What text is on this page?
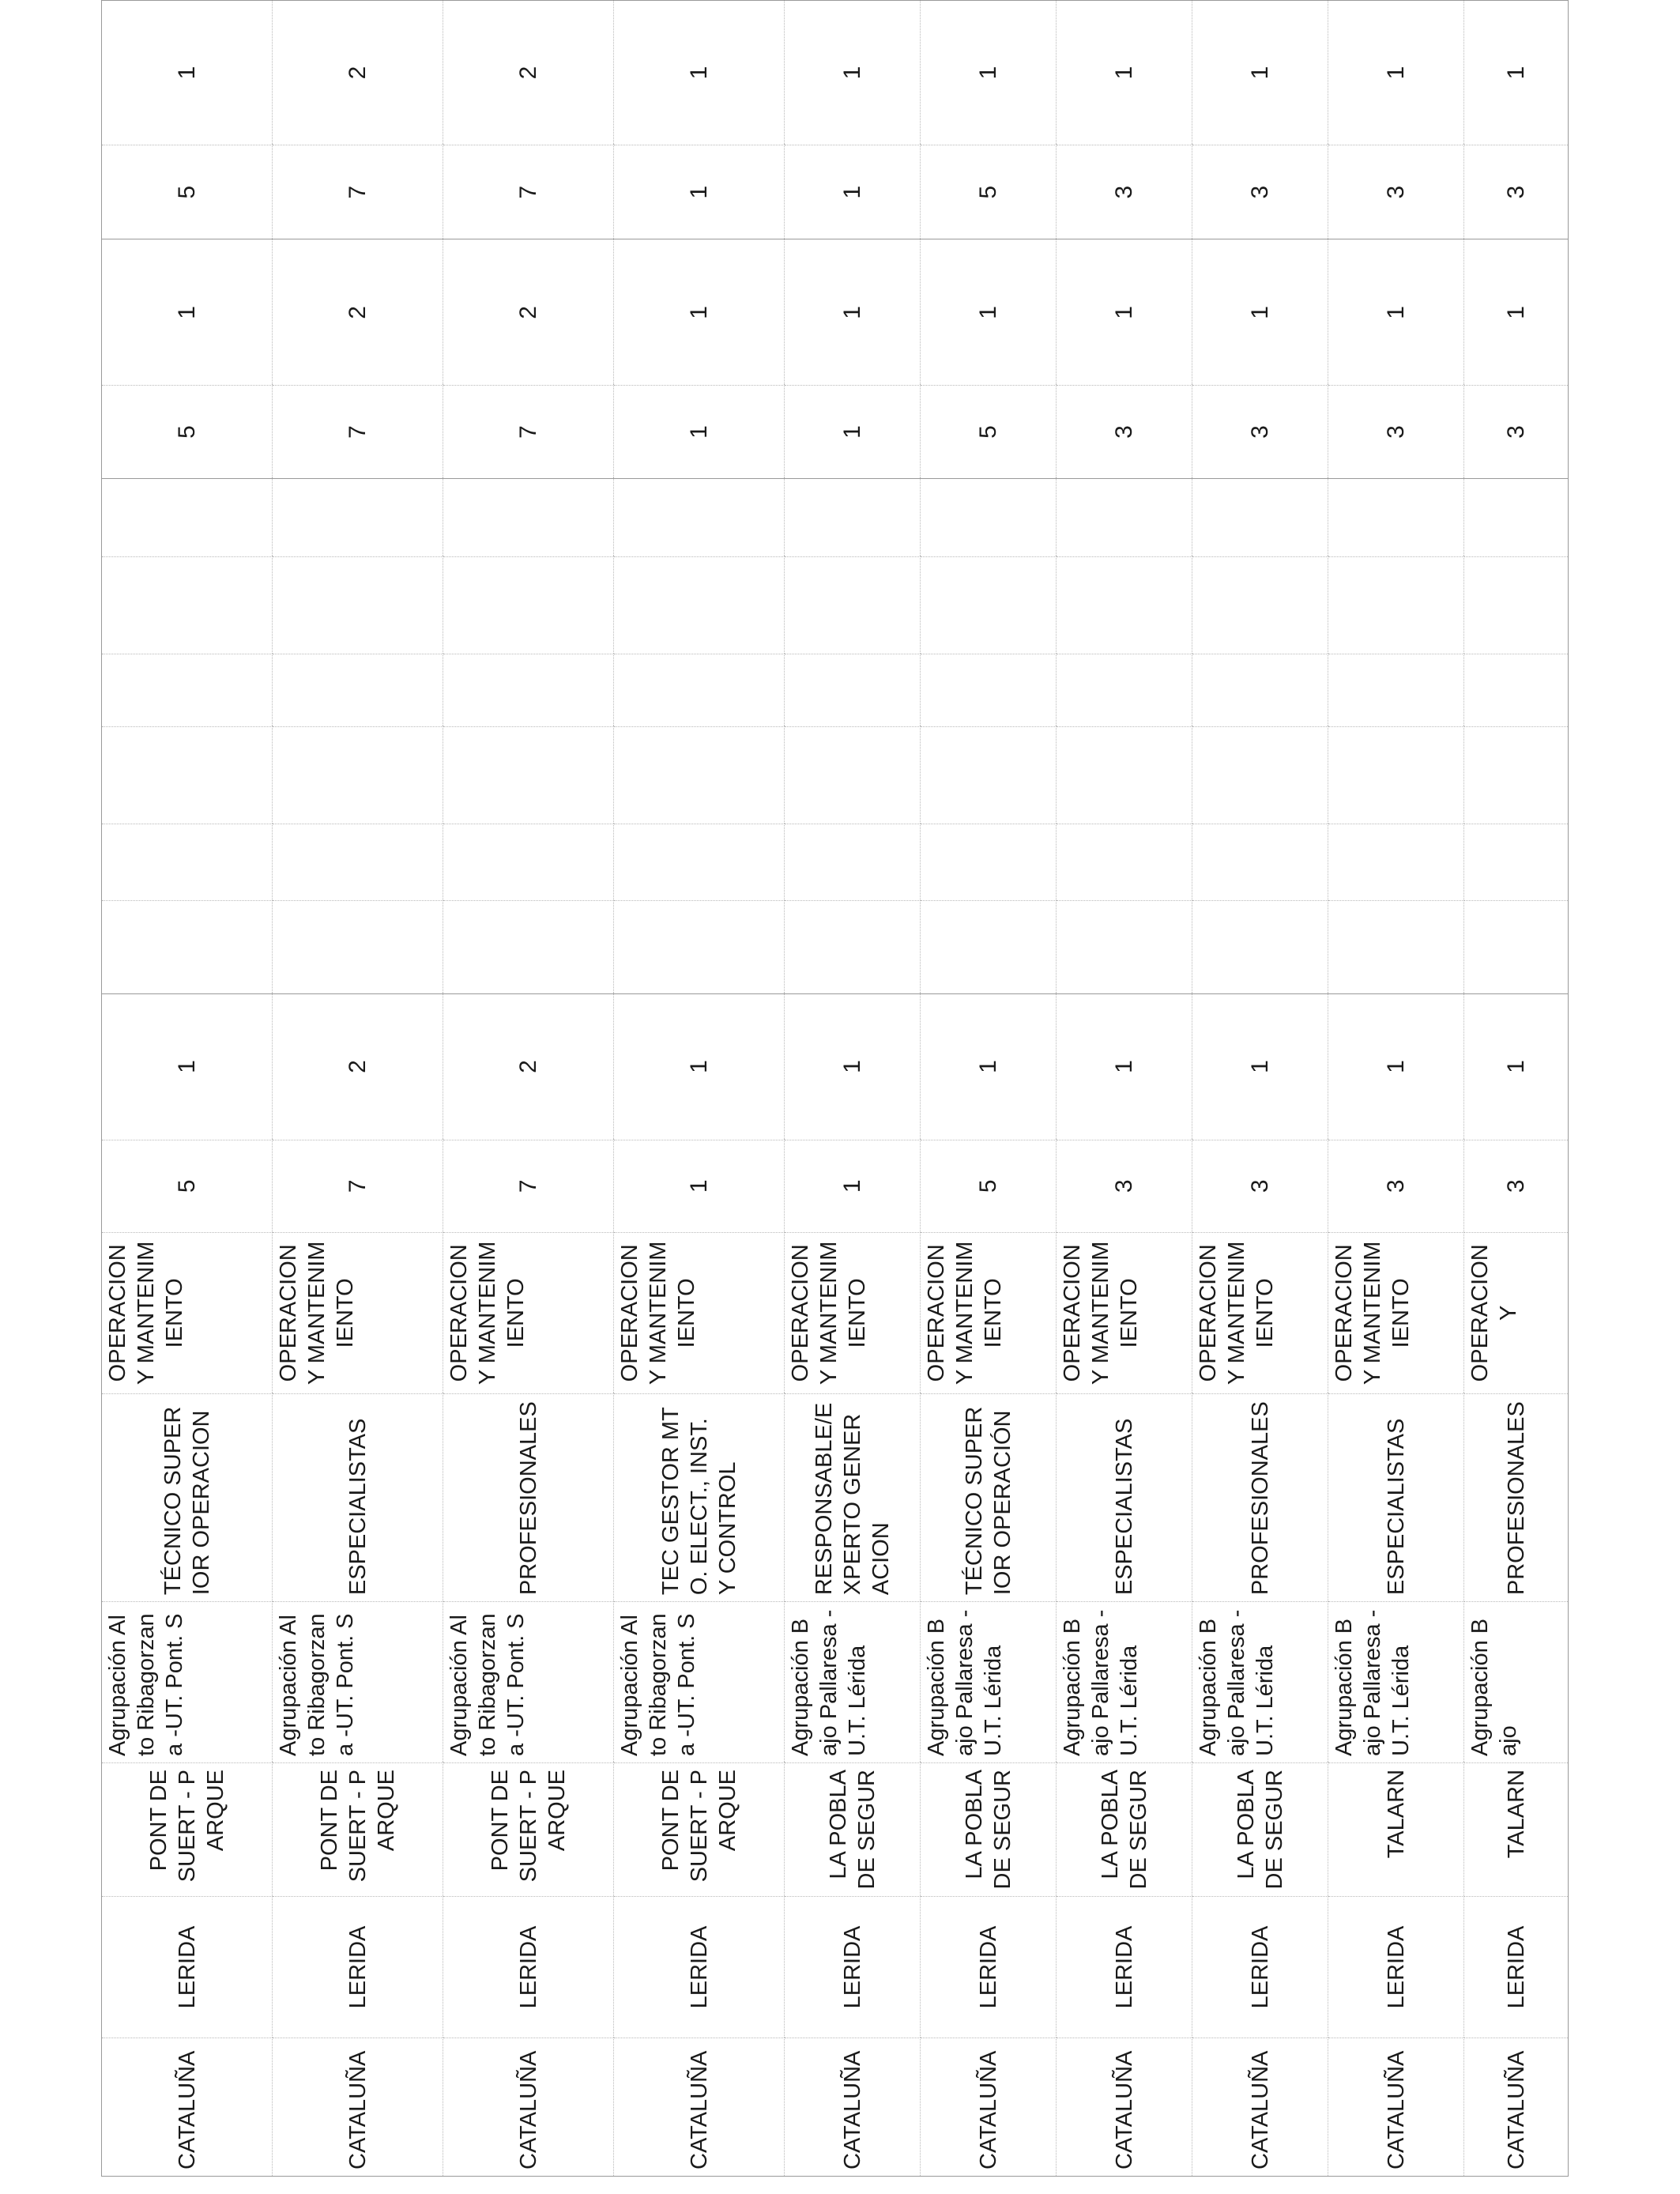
CATALUÑA	LERIDA	PONT DE SUERT - PARQUE	Agrupación Alto Ribagorzana -UT. Pont. S	TÉCNICO SUPERIOR OPERACION	OPERACION Y MANTENIMIENTO	5	1							5	1	5	1
CATALUÑA	LERIDA	PONT DE SUERT - PARQUE	Agrupación Alto Ribagorzana -UT. Pont. S	ESPECIALISTAS	OPERACION Y MANTENIMIENTO	7	2							7	2	7	2
CATALUÑA	LERIDA	PONT DE SUERT - PARQUE	Agrupación Alto Ribagorzana -UT. Pont. S	PROFESIONALES	OPERACION Y MANTENIMIENTO	7	2							7	2	7	2
CATALUÑA	LERIDA	PONT DE SUERT - PARQUE	Agrupación Alto Ribagorzana -UT. Pont. S	TEC GESTOR MTO. ELECT., INST. Y CONTROL	OPERACION Y MANTENIMIENTO	1	1							1	1	1	1
CATALUÑA	LERIDA	LA POBLA DE SEGUR	Agrupación Bajo Pallaresa - U.T. Lérida	RESPONSABLE/EXPERTO GENERACION	OPERACION Y MANTENIMIENTO	1	1							1	1	1	1
CATALUÑA	LERIDA	LA POBLA DE SEGUR	Agrupación Bajo Pallaresa - U.T. Lérida	TÉCNICO SUPERIOR OPERACIÓN	OPERACION Y MANTENIMIENTO	5	1							5	1	5	1
CATALUÑA	LERIDA	LA POBLA DE SEGUR	Agrupación Bajo Pallaresa - U.T. Lérida	ESPECIALISTAS	OPERACION Y MANTENIMIENTO	3	1							3	1	3	1
CATALUÑA	LERIDA	LA POBLA DE SEGUR	Agrupación Bajo Pallaresa - U.T. Lérida	PROFESIONALES	OPERACION Y MANTENIMIENTO	3	1							3	1	3	1
CATALUÑA	LERIDA	TALARN	Agrupación Bajo Pallaresa - U.T. Lérida	ESPECIALISTAS	OPERACION Y MANTENIMIENTO	3	1							3	1	3	1
CATALUÑA	LERIDA	TALARN	Agrupación Bajo	PROFESIONALES	OPERACION Y	3	1							3	1	3	1
